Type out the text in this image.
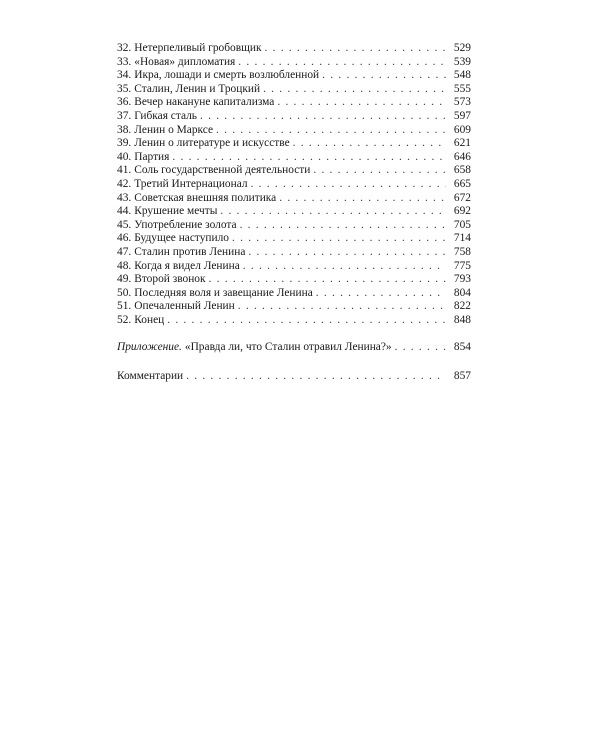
32. Нетерпеливый гробовщик . . .	529
33. «Новая» дипломатия . . .	539
34. Икра, лошади и смерть возлюбленной . . .	548
35. Сталин, Ленин и Троцкий . . .	555
36. Вечер накануне капитализма . . .	573
37. Гибкая сталь . . .	597
38. Ленин о Марксе . . .	609
39. Ленин о литературе и искусстве . . .	621
40. Партия . . .	646
41. Соль государственной деятельности . . .	658
42. Третий Интернационал . . .	665
43. Советская внешняя политика . . .	672
44. Крушение мечты . . .	692
45. Употребление золота . . .	705
46. Будущее наступило . . .	714
47. Сталин против Ленина . . .	758
48. Когда я видел Ленина . . .	775
49. Второй звонок . . .	793
50. Последняя воля и завещание Ленина . . .	804
51. Опечаленный Ленин . . .	822
52. Конец . . .	848
Приложение. «Правда ли, что Сталин отравил Ленина?» . . .	854
Комментарии . . .	857
